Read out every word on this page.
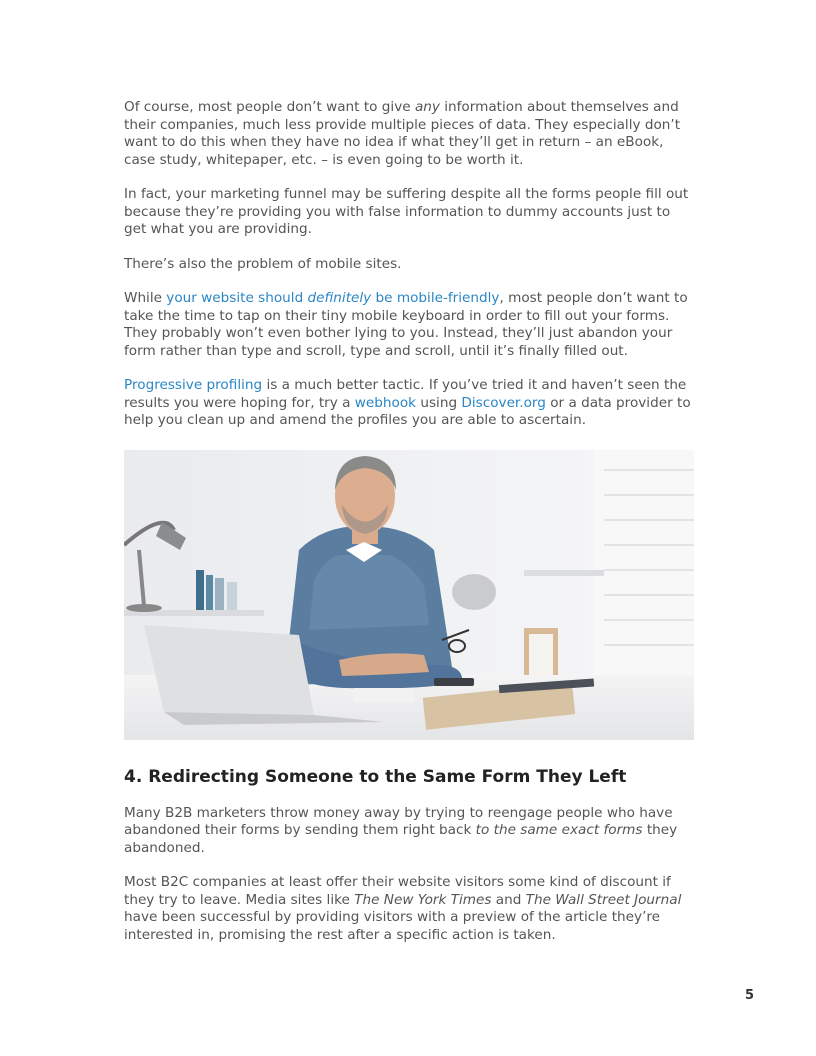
Of course, most people don’t want to give any information about themselves and their companies, much less provide multiple pieces of data. They especially don’t want to do this when they have no idea if what they’ll get in return – an eBook, case study, whitepaper, etc. – is even going to be worth it.

In fact, your marketing funnel may be suffering despite all the forms people fill out because they’re providing you with false information to dummy accounts just to get what you are providing.

There’s also the problem of mobile sites.

While your website should definitely be mobile-friendly, most people don’t want to take the time to tap on their tiny mobile keyboard in order to fill out your forms. They probably won’t even bother lying to you. Instead, they’ll just abandon your form rather than type and scroll, type and scroll, until it’s finally filled out.

Progressive profiling is a much better tactic. If you’ve tried it and haven’t seen the results you were hoping for, try a webhook using Discover.org or a data provider to help you clean up and amend the profiles you are able to ascertain.

4. Redirecting Someone to the Same Form They Left

Many B2B marketers throw money away by trying to reengage people who have abandoned their forms by sending them right back to the same exact forms they abandoned.

Most B2C companies at least offer their website visitors some kind of discount if they try to leave. Media sites like The New York Times and The Wall Street Journal have been successful by providing visitors with a preview of the article they’re interested in, promising the rest after a specific action is taken.

5
